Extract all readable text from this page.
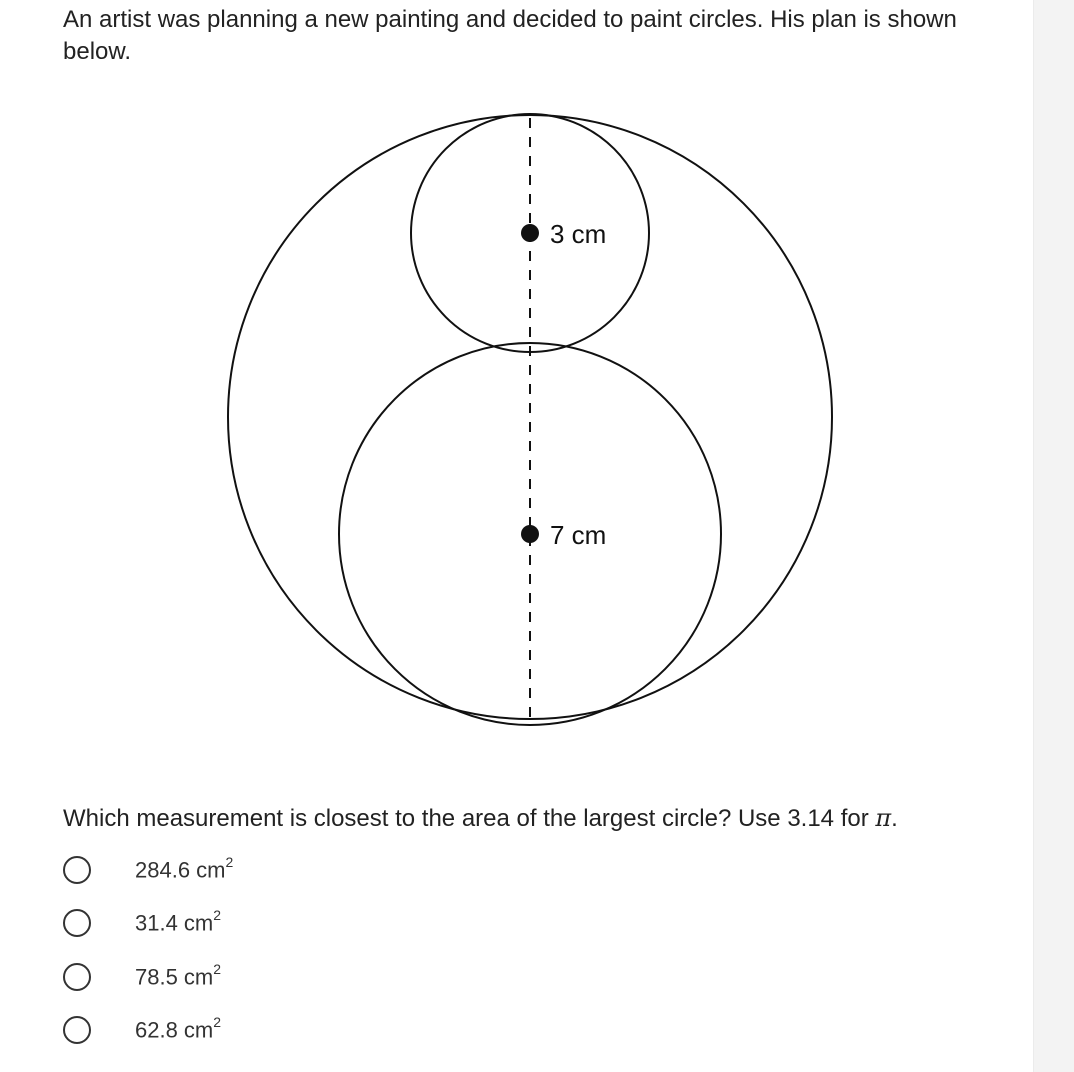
An artist was planning a new painting and decided to paint circles. His plan is shown below.

3 cm
7 cm

Which measurement is closest to the area of the largest circle? Use 3.14 for π.

284.6 $cm^2$
31.4 $cm^2$
78.5 $cm^2$
62.8 $cm^2$
